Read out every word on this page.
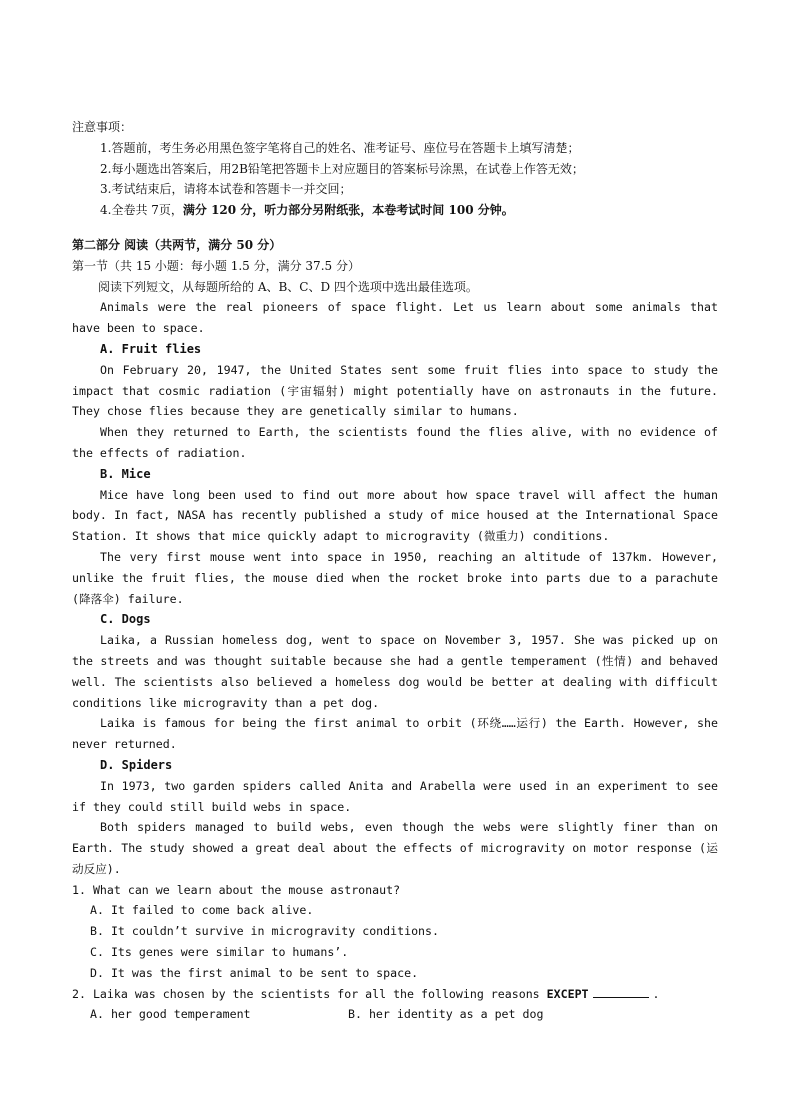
注意事项：
1.答题前，考生务必用黑色签字笔将自己的姓名、准考证号、座位号在答题卡上填写清楚；
2.每小题选出答案后，用2B铅笔把答题卡上对应题目的答案标号涂黑，在试卷上作答无效；
3.考试结束后，请将本试卷和答题卡一并交回；
4.全卷共 7页，满分 120 分，听力部分另附纸张，本卷考试时间 100 分钟。
第二部分 阅读（共两节，满分 50 分）
第一节（共 15 小题：每小题 1.5 分，满分 37.5 分）
阅读下列短文，从每题所给的 A、B、C、D 四个选项中选出最佳选项。
Animals were the real pioneers of space flight. Let us learn about some animals that have been to space.
A. Fruit flies
On February 20, 1947, the United States sent some fruit flies into space to study the impact that cosmic radiation (宇宙辐射) might potentially have on astronauts in the future. They chose flies because they are genetically similar to humans.
When they returned to Earth, the scientists found the flies alive, with no evidence of the effects of radiation.
B. Mice
Mice have long been used to find out more about how space travel will affect the human body. In fact, NASA has recently published a study of mice housed at the International Space Station. It shows that mice quickly adapt to microgravity (微重力) conditions.
The very first mouse went into space in 1950, reaching an altitude of 137km. However, unlike the fruit flies, the mouse died when the rocket broke into parts due to a parachute (降落伞) failure.
C. Dogs
Laika, a Russian homeless dog, went to space on November 3, 1957. She was picked up on the streets and was thought suitable because she had a gentle temperament (性情) and behaved well. The scientists also believed a homeless dog would be better at dealing with difficult conditions like microgravity than a pet dog.
Laika is famous for being the first animal to orbit (环绕……运行) the Earth. However, she never returned.
D. Spiders
In 1973, two garden spiders called Anita and Arabella were used in an experiment to see if they could still build webs in space.
Both spiders managed to build webs, even though the webs were slightly finer than on Earth. The study showed a great deal about the effects of microgravity on motor response (运动反应).
1. What can we learn about the mouse astronaut?
A. It failed to come back alive.
B. It couldn’t survive in microgravity conditions.
C. Its genes were similar to humans’.
D. It was the first animal to be sent to space.
2. Laika was chosen by the scientists for all the following reasons EXCEPT	.
A. her good temperament	B. her identity as a pet dog
